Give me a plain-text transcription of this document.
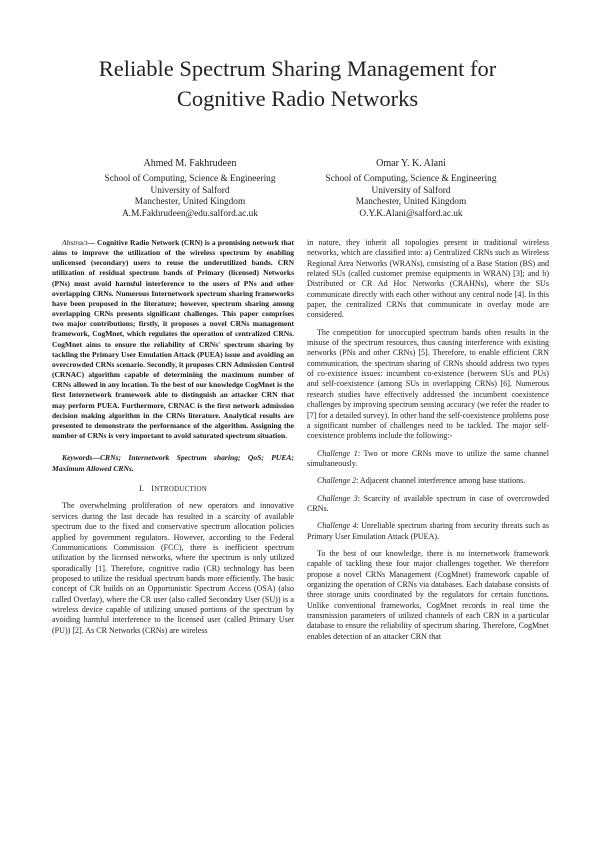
Reliable Spectrum Sharing Management for Cognitive Radio Networks
Ahmed M. Fakhrudeen
School of Computing, Science & Engineering
University of Salford
Manchester, United Kingdom
A.M.Fakhrudeen@edu.salford.ac.uk
Omar Y. K. Alani
School of Computing, Science & Engineering
University of Salford
Manchester, United Kingdom
O.Y.K.Alani@salford.ac.uk

Abstract— Cognitive Radio Network (CRN) is a promising network that aims to improve the utilization of the wireless spectrum by enabling unlicensed (secondary) users to reuse the underutilized bands. CRN utilization of residual spectrum bands of Primary (licensed) Networks (PNs) must avoid harmful interference to the users of PNs and other overlapping CRNs. Numerous Internetwork spectrum sharing frameworks have been proposed in the literature; however, spectrum sharing among overlapping CRNs presents significant challenges. This paper comprises two major contributions; firstly, it proposes a novel CRNs management framework, CogMnet, which regulates the operation of centralized CRNs. CogMnet aims to ensure the reliability of CRNs' spectrum sharing by tackling the Primary User Emulation Attack (PUEA) issue and avoiding an overcrowded CRNs scenario. Secondly, it proposes CRN Admission Control (CRNAC) algorithm capable of determining the maximum number of CRNs allowed in any location. To the best of our knowledge CogMnet is the first Internetwork framework able to distinguish an attacker CRN that may perform PUEA. Furthermore, CRNAC is the first network admission decision making algorithm in the CRNs literature. Analytical results are presented to demonstrate the performance of the algorithm. Assigning the number of CRNs is very important to avoid saturated spectrum situation.

Keywords—CRNs; Internetwork Spectrum sharing; QoS; PUEA; Maximum Allowed CRNs.

I. INTRODUCTION

The overwhelming proliferation of new operators and innovative services during the last decade has resulted in a scarcity of available spectrum due to the fixed and conservative spectrum allocation policies applied by government regulators. However, according to the Federal Communications Commission (FCC), there is inefficient spectrum utilization by the licensed networks, where the spectrum is only utilized sporadically [1]. Therefore, cognitive radio (CR) technology has been proposed to utilize the residual spectrum bands more efficiently. The basic concept of CR builds on an Opportunistic Spectrum Access (OSA) (also called Overlay), where the CR user (also called Secondary User (SU)) is a wireless device capable of utilizing unused portions of the spectrum by avoiding harmful interference to the licensed user (called Primary User (PU)) [2]. As CR Networks (CRNs) are wireless

in nature, they inherit all topologies present in traditional wireless networks, which are classified into: a) Centralized CRNs such as Wireless Regional Area Networks (WRANs), consisting of a Base Station (BS) and related SUs (called customer premise equipments in WRAN) [3]; and b) Distributed or CR Ad Hoc Networks (CRAHNs), where the SUs communicate directly with each other without any central node [4]. In this paper, the centralized CRNs that communicate in overlay mode are considered.

The competition for unoccupied spectrum bands often results in the misuse of the spectrum resources, thus causing interference with existing networks (PNs and other CRNs) [5]. Therefore, to enable efficient CRN communication, the spectrum sharing of CRNs should address two types of co-existence issues: incumbent co-existence (between SUs and PUs) and self-coexistence (among SUs in overlapping CRNs) [6]. Numerous research studies have effectively addressed the incumbent coexistence challenges by improving spectrum sensing accuracy (we refer the reader to [7] for a detailed survey). In other hand the self-coexistence problems pose a significant number of challenges need to be tackled. The major self-coexistence problems include the following:-

Challenge 1: Two or more CRNs move to utilize the same channel simultaneously.

Challenge 2: Adjacent channel interference among base stations.

Challenge 3: Scarcity of available spectrum in case of overcrowded CRNs.

Challenge 4: Unreliable spectrum sharing from security threats such as Primary User Emulation Attack (PUEA).

To the best of our knowledge, there is no internetwork framework capable of tackling these four major challenges together. We therefore propose a novel CRNs Management (CogMnet) framework capable of organizing the operation of CRNs via databases. Each database consists of three storage units coordinated by the regulators for certain functions. Unlike conventional frameworks, CogMnet records in real time the transmission parameters of utilized channels of each CRN in a particular database to ensure the reliability of spectrum sharing. Therefore, CogMnet enables detection of an attacker CRN that
